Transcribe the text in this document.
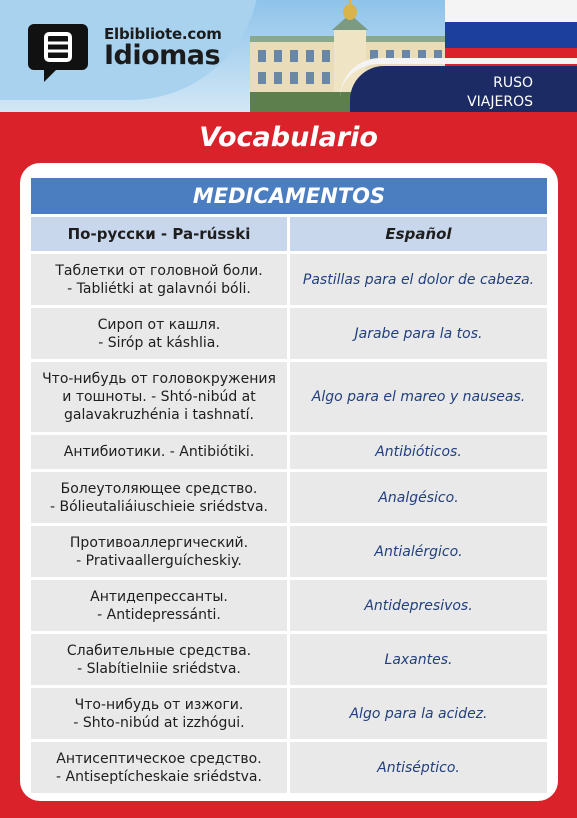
Elbibliote.com
Idiomas
RUSO
VIAJEROS
Vocabulario
MEDICAMENTOS
По-русски - Pa-rússki	Español
Таблетки от головной боли.
- Tabliétki at galavnói bóli.
Pastillas para el dolor de cabeza.
Сироп от кашля.
- Siróp at káshlia.
Jarabe para la tos.
Что-нибудь от головокружения
и тошноты. - Shtó-nibúd at
galavakruzhénia i tashnatí.
Algo para el mareo y nauseas.
Антибиотики. - Antibiótiki.	Antibióticos.
Болеутоляющее средство.
- Bólieutaliáiuschieie sriédstva.
Analgésico.
Противоаллергический.
- Prativaallerguícheskiy.
Antialérgico.
Антидепрессанты.
- Antidepressánti.
Antidepresivos.
Слабительные средства.
- Slabítielniie sriédstva.
Laxantes.
Что-нибудь от изжоги.
- Shto-nibúd at izzhógui.
Algo para la acidez.
Антисептическое средство.
- Antiseptícheskaie sriédstva.
Antiséptico.
